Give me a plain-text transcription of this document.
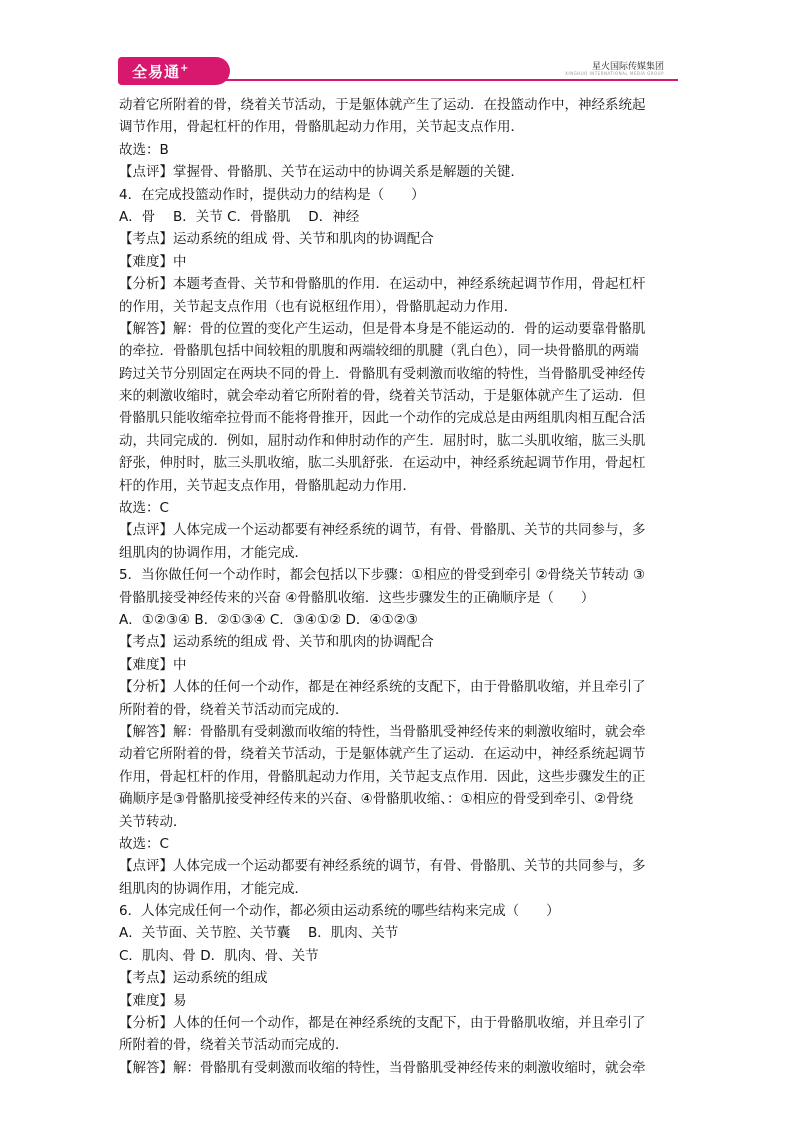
全易通+	星火国际传媒集团
XINGHUO INTERNATIONAL MEDIA GROUP
动着它所附着的骨，绕着关节活动，于是躯体就产生了运动．在投篮动作中，神经系统起
调节作用，骨起杠杆的作用，骨骼肌起动力作用，关节起支点作用．
故选：B
【点评】掌握骨、骨骼肌、关节在运动中的协调关系是解题的关键．
4．在完成投篮动作时，提供动力的结构是（　　）
A．骨　 B．关节 C．骨骼肌　 D．神经
【考点】运动系统的组成 骨、关节和肌肉的协调配合
【难度】中
【分析】本题考查骨、关节和骨骼肌的作用．在运动中，神经系统起调节作用，骨起杠杆
的作用，关节起支点作用（也有说枢纽作用），骨骼肌起动力作用．
【解答】解：骨的位置的变化产生运动，但是骨本身是不能运动的．骨的运动要靠骨骼肌
的牵拉．骨骼肌包括中间较粗的肌腹和两端较细的肌腱（乳白色），同一块骨骼肌的两端
跨过关节分别固定在两块不同的骨上．骨骼肌有受刺激而收缩的特性，当骨骼肌受神经传
来的刺激收缩时，就会牵动着它所附着的骨，绕着关节活动，于是躯体就产生了运动．但
骨骼肌只能收缩牵拉骨而不能将骨推开，因此一个动作的完成总是由两组肌肉相互配合活
动，共同完成的．例如，屈肘动作和伸肘动作的产生．屈肘时，肱二头肌收缩，肱三头肌
舒张，伸肘时，肱三头肌收缩，肱二头肌舒张．在运动中，神经系统起调节作用，骨起杠
杆的作用，关节起支点作用，骨骼肌起动力作用．
故选：C
【点评】人体完成一个运动都要有神经系统的调节，有骨、骨骼肌、关节的共同参与，多
组肌肉的协调作用，才能完成．
5．当你做任何一个动作时，都会包括以下步骤：①相应的骨受到牵引 ②骨绕关节转动 ③
骨骼肌接受神经传来的兴奋 ④骨骼肌收缩．这些步骤发生的正确顺序是（　　）
A．①②③④ B．②①③④ C．③④①② D．④①②③
【考点】运动系统的组成 骨、关节和肌肉的协调配合
【难度】中
【分析】人体的任何一个动作，都是在神经系统的支配下，由于骨骼肌收缩，并且牵引了
所附着的骨，绕着关节活动而完成的．
【解答】解：骨骼肌有受刺激而收缩的特性，当骨骼肌受神经传来的刺激收缩时，就会牵
动着它所附着的骨，绕着关节活动，于是躯体就产生了运动．在运动中，神经系统起调节
作用，骨起杠杆的作用，骨骼肌起动力作用，关节起支点作用．因此，这些步骤发生的正
确顺序是③骨骼肌接受神经传来的兴奋、④骨骼肌收缩、：①相应的骨受到牵引、②骨绕
关节转动．
故选：C
【点评】人体完成一个运动都要有神经系统的调节，有骨、骨骼肌、关节的共同参与，多
组肌肉的协调作用，才能完成．
6．人体完成任何一个动作，都必须由运动系统的哪些结构来完成（　　）
A．关节面、关节腔、关节囊　 B．肌肉、关节
C．肌肉、骨 D．肌肉、骨、关节
【考点】运动系统的组成
【难度】易
【分析】人体的任何一个动作，都是在神经系统的支配下，由于骨骼肌收缩，并且牵引了
所附着的骨，绕着关节活动而完成的．
【解答】解：骨骼肌有受刺激而收缩的特性，当骨骼肌受神经传来的刺激收缩时，就会牵
